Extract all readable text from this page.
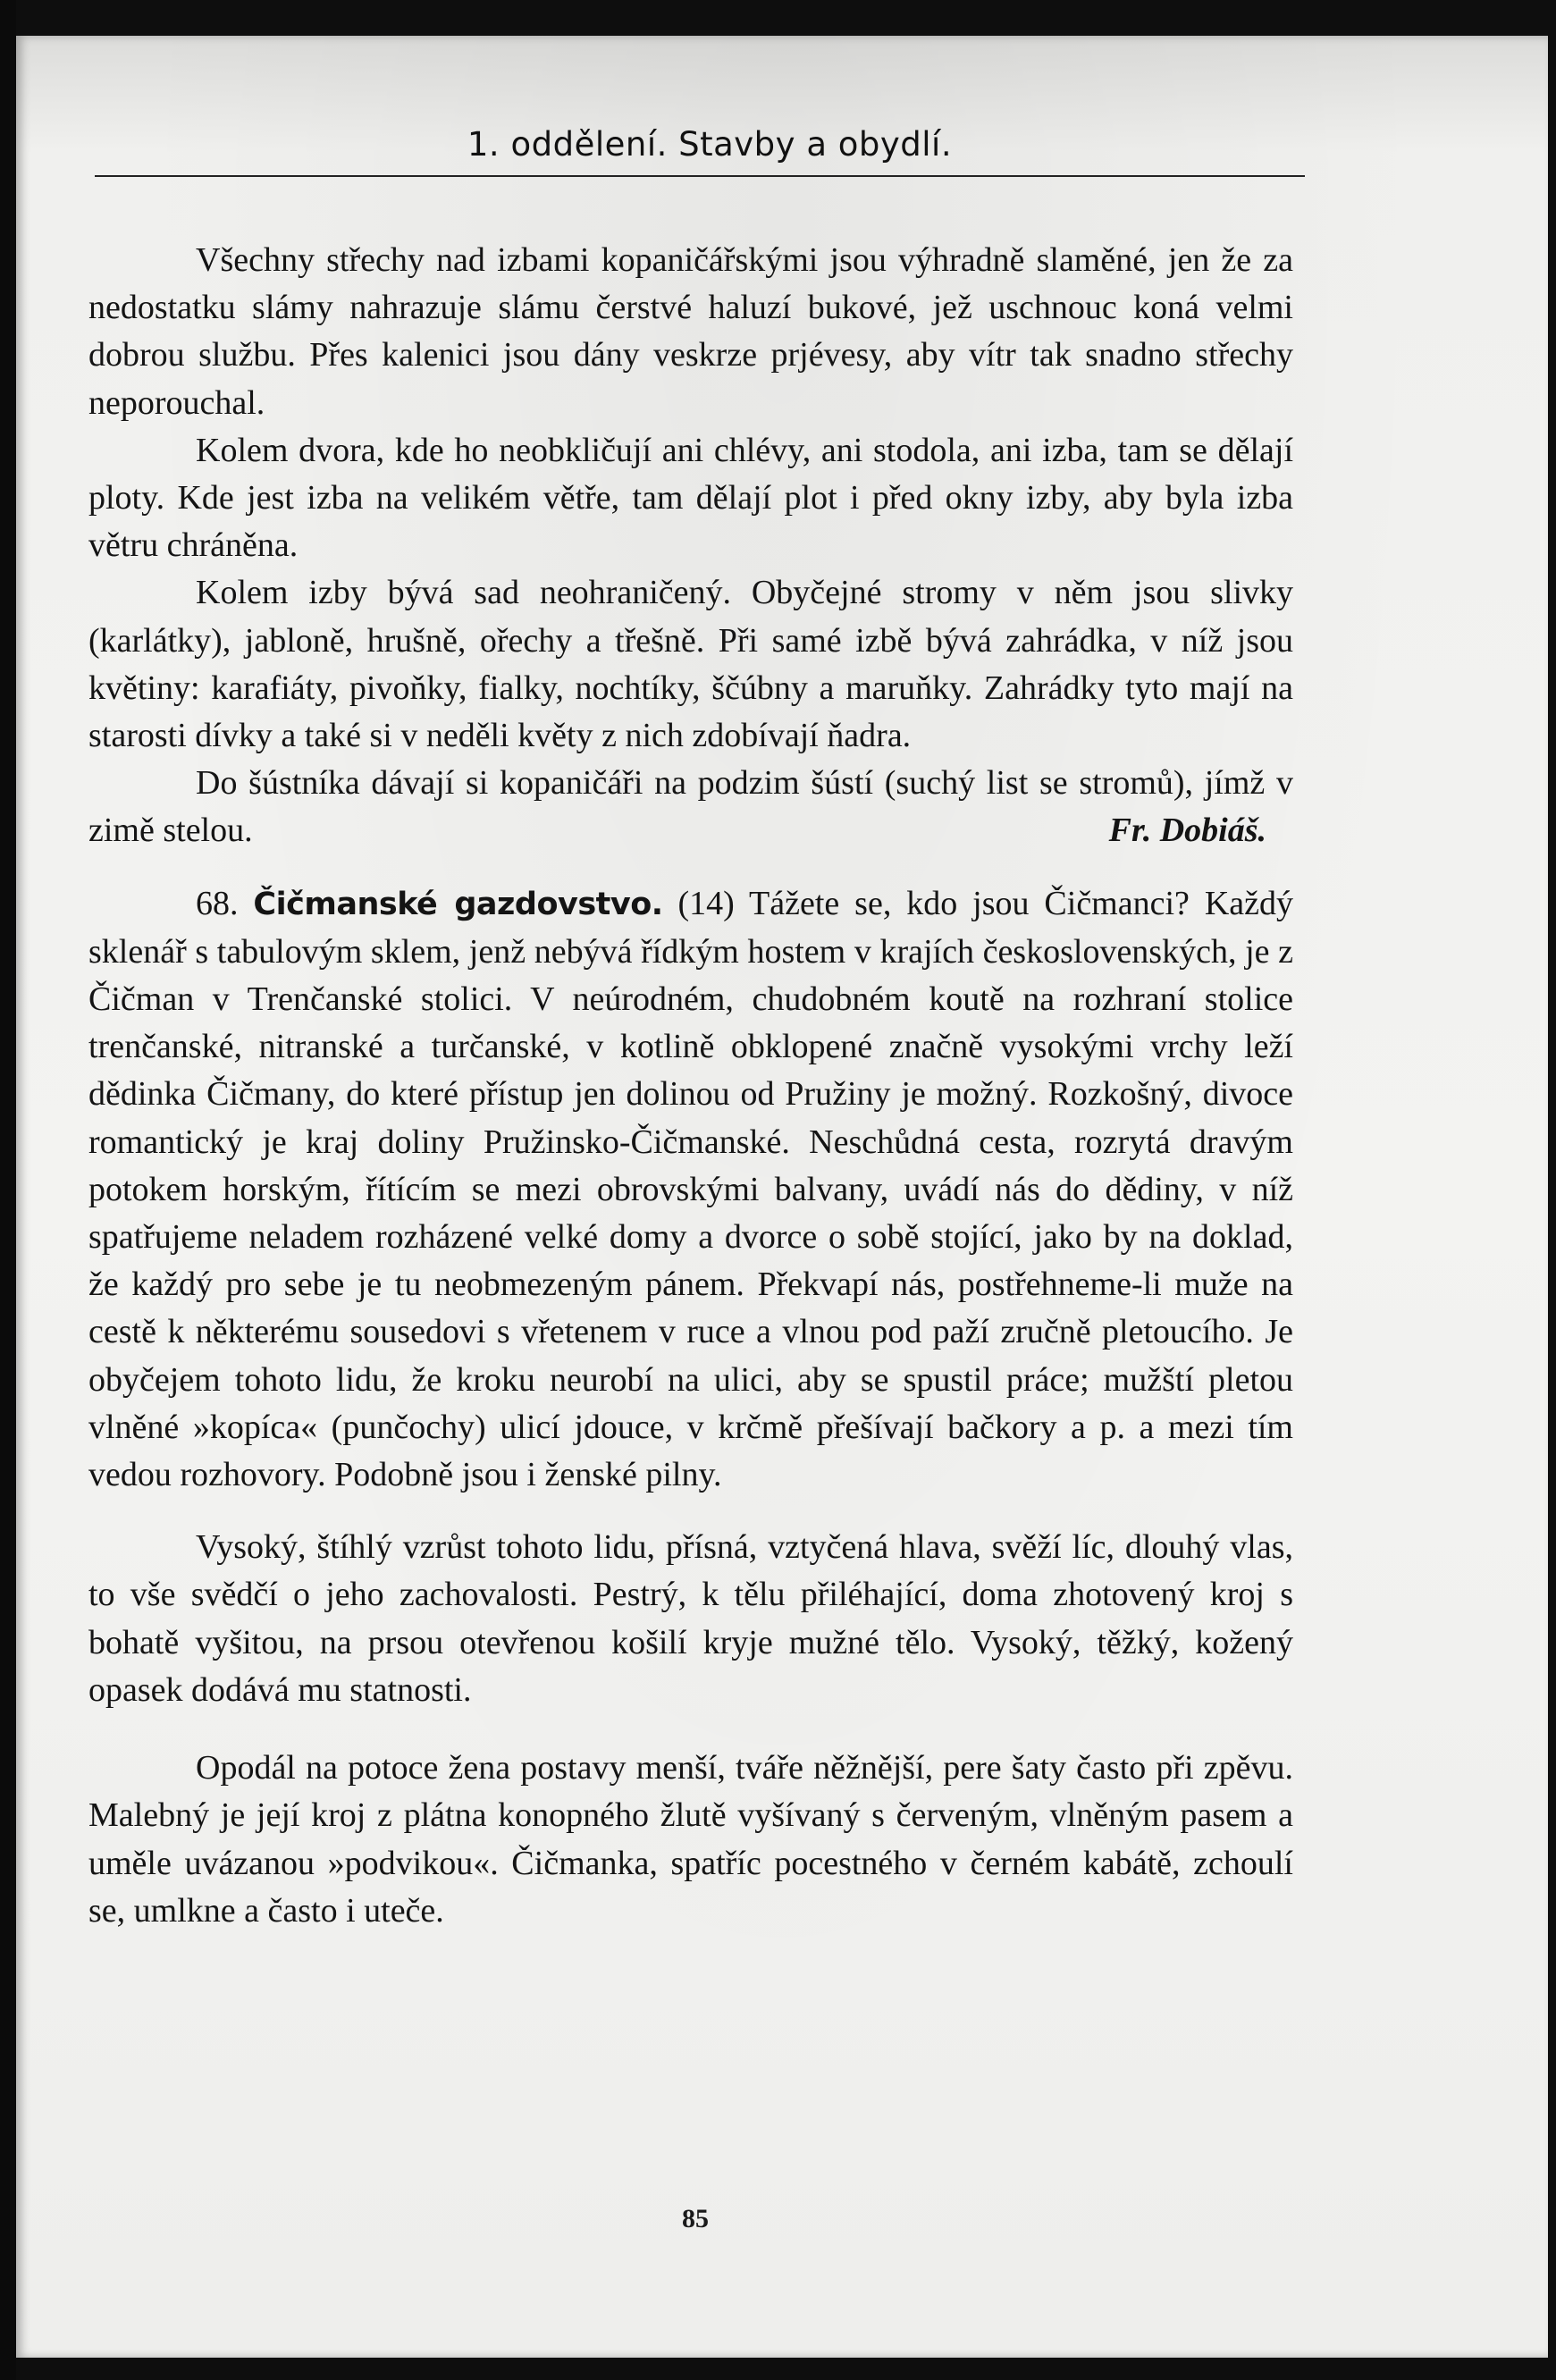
1. oddělení. Stavby a obydlí.

Všechny střechy nad izbami kopaničářskými jsou výhradně slaměné, jen že za nedostatku slámy nahrazuje slámu čerstvé haluzí bukové, jež uschnouc koná velmi dobrou službu. Přes kalenici jsou dány veskrze prjévesy, aby vítr tak snadno střechy neporouchal.

Kolem dvora, kde ho neobkličují ani chlévy, ani stodola, ani izba, tam se dělají ploty. Kde jest izba na velikém větře, tam dělají plot i před okny izby, aby byla izba větru chráněna.

Kolem izby bývá sad neohraničený. Obyčejné stromy v něm jsou slivky (karlátky), jabloně, hrušně, ořechy a třešně. Při samé izbě bývá zahrádka, v níž jsou květiny: karafiáty, pivoňky, fialky, nochtíky, ščúbny a maruňky. Zahrádky tyto mají na starosti dívky a také si v neděli květy z nich zdobívají ňadra.

Do šústníka dávají si kopaničáři na podzim šústí (suchý list se stromů), jímž v zimě stelou.	Fr. Dobiáš.

68. Čičmanské gazdovstvo. (14) Tážete se, kdo jsou Čičmanci? Každý sklenář s tabulovým sklem, jenž nebývá řídkým hostem v krajích československých, je z Čičman v Trenčanské stolici. V neúrodném, chudobném koutě na rozhraní stolice trenčanské, nitranské a turčanské, v kotlině obklopené značně vysokými vrchy leží dědinka Čičmany, do které přístup jen dolinou od Pružiny je možný. Rozkošný, divoce romantický je kraj doliny Pružinsko-Čičmanské. Neschůdná cesta, rozrytá dravým potokem horským, řítícím se mezi obrovskými balvany, uvádí nás do dědiny, v níž spatřujeme neladem rozházené velké domy a dvorce o sobě stojící, jako by na doklad, že každý pro sebe je tu neobmezeným pánem. Překvapí nás, postřehneme-li muže na cestě k některému sousedovi s vřetenem v ruce a vlnou pod paží zručně pletoucího. Je obyčejem tohoto lidu, že kroku neurobí na ulici, aby se spustil práce; mužští pletou vlněné »kopíca« (punčochy) ulicí jdouce, v krčmě přešívají bačkory a p. a mezi tím vedou rozhovory. Podobně jsou i ženské pilny.

Vysoký, štíhlý vzrůst tohoto lidu, přísná, vztyčená hlava, svěží líc, dlouhý vlas, to vše svědčí o jeho zachovalosti. Pestrý, k tělu přiléhající, doma zhotovený kroj s bohatě vyšitou, na prsou otevřenou košilí kryje mužné tělo. Vysoký, těžký, kožený opasek dodává mu statnosti.

Opodál na potoce žena postavy menší, tváře něžnější, pere šaty často při zpěvu. Malebný je její kroj z plátna konopného žlutě vyšívaný s červeným, vlněným pasem a uměle uvázanou »podvikou«. Čičmanka, spatříc pocestného v černém kabátě, zchoulí se, umlkne a často i uteče.

85
